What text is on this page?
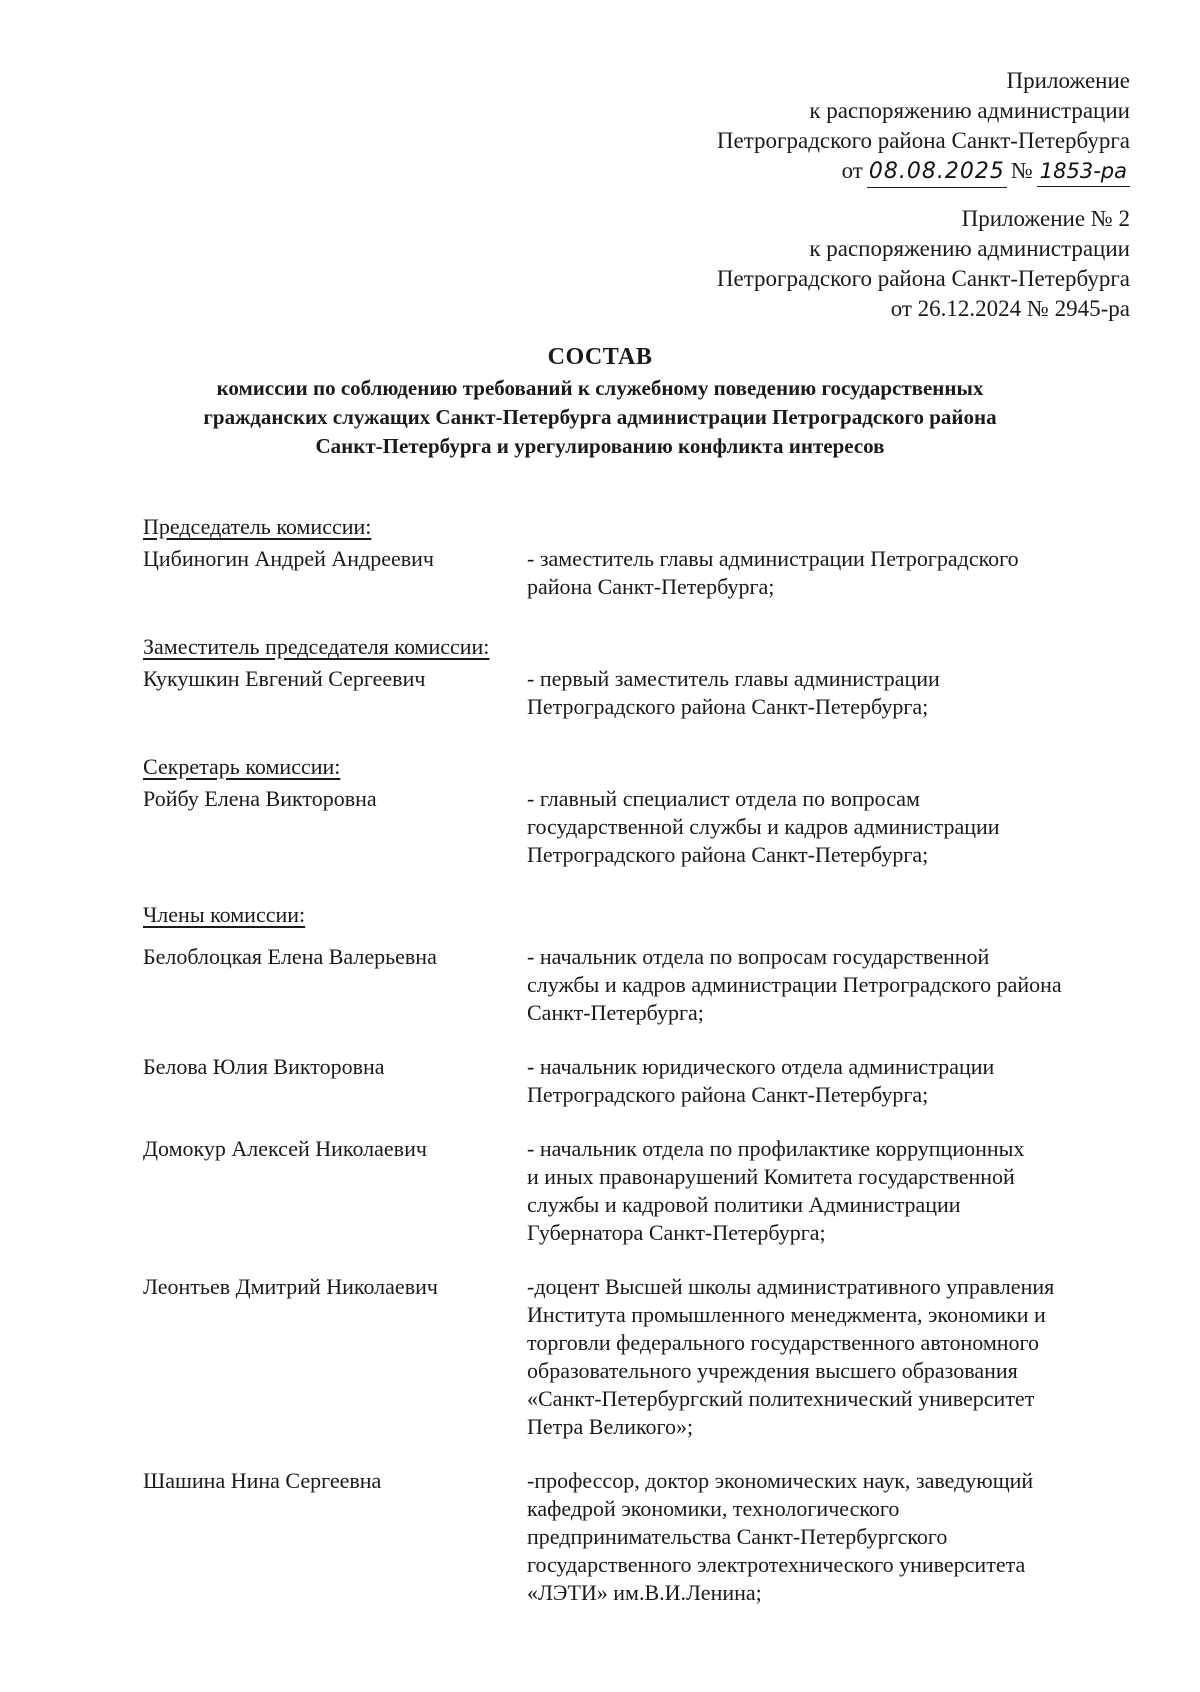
Приложение
к распоряжению администрации
Петроградского района Санкт-Петербурга
от 08.08.2025 № 1853-ра
Приложение № 2
к распоряжению администрации
Петроградского района Санкт-Петербурга
от 26.12.2024 № 2945-ра
СОСТАВ
комиссии по соблюдению требований к служебному поведению государственных
гражданских служащих Санкт-Петербурга администрации Петроградского района
Санкт-Петербурга и урегулированию конфликта интересов
Председатель комиссии:
Цибиногин Андрей Андреевич	- заместитель главы администрации Петроградского
района Санкт-Петербурга;
Заместитель председателя комиссии:
Кукушкин Евгений Сергеевич	- первый заместитель главы администрации
Петроградского района Санкт-Петербурга;
Секретарь комиссии:
Ройбу Елена Викторовна	- главный специалист отдела по вопросам
государственной службы и кадров администрации
Петроградского района Санкт-Петербурга;
Члены комиссии:
Белоблоцкая Елена Валерьевна	- начальник отдела по вопросам государственной
службы и кадров администрации Петроградского района
Санкт-Петербурга;
Белова Юлия Викторовна	- начальник юридического отдела администрации
Петроградского района Санкт-Петербурга;
Домокур Алексей Николаевич	- начальник отдела по профилактике коррупционных
и иных правонарушений Комитета государственной
службы и кадровой политики Администрации
Губернатора Санкт-Петербурга;
Леонтьев Дмитрий Николаевич	-доцент Высшей школы административного управления
Института промышленного менеджмента, экономики и
торговли федерального государственного автономного
образовательного учреждения высшего образования
«Санкт-Петербургский политехнический университет
Петра Великого»;
Шашина Нина Сергеевна	-профессор, доктор экономических наук, заведующий
кафедрой экономики, технологического
предпринимательства Санкт-Петербургского
государственного электротехнического университета
«ЛЭТИ» им.В.И.Ленина;
